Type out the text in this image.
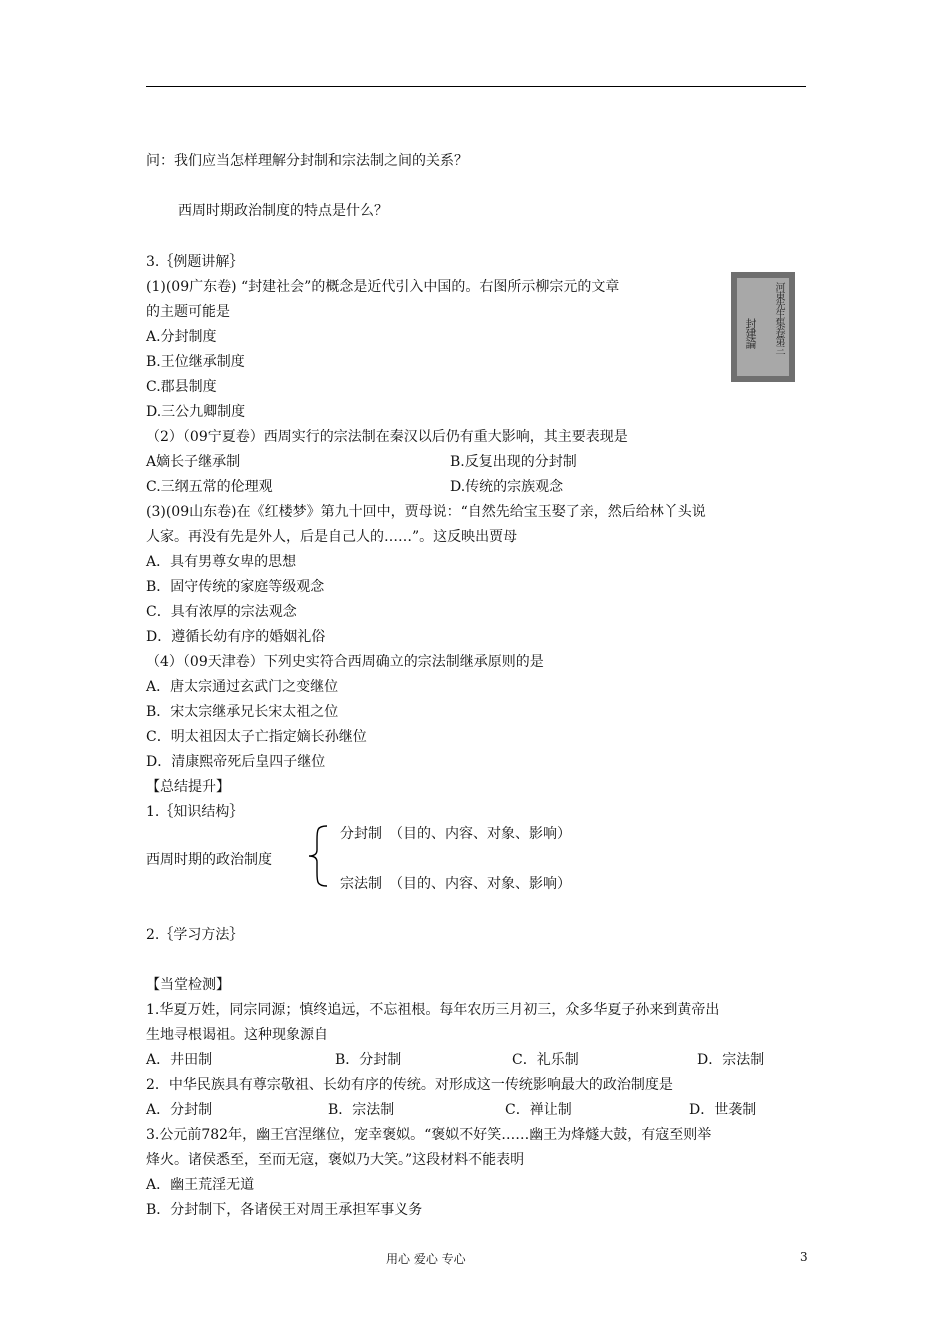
问：我们应当怎样理解分封制和宗法制之间的关系？
西周时期政治制度的特点是什么？
3.｛例题讲解｝
(1)(09广东卷) “封建社会”的概念是近代引入中国的。右图所示柳宗元的文章
的主题可能是
A.分封制度
B.王位继承制度
C.郡县制度
D.三公九卿制度
河東先生集卷第三
封建論
（2）（09宁夏卷）西周实行的宗法制在秦汉以后仍有重大影响，其主要表现是
A嫡长子继承制	B.反复出现的分封制
C.三纲五常的伦理观	D.传统的宗族观念
(3)(09山东卷)在《红楼梦》第九十回中，贾母说：“自然先给宝玉娶了亲，然后给林丫头说
人家。再没有先是外人，后是自己人的……”。这反映出贾母
A．具有男尊女卑的思想
B．固守传统的家庭等级观念
C．具有浓厚的宗法观念
D．遵循长幼有序的婚姻礼俗
（4）（09天津卷）下列史实符合西周确立的宗法制继承原则的是
A．唐太宗通过玄武门之变继位
B．宋太宗继承兄长宋太祖之位
C．明太祖因太子亡指定嫡长孙继位
D．清康熙帝死后皇四子继位
【总结提升】
1.｛知识结构｝
西周时期的政治制度
分封制　（目的、内容、对象、影响）
宗法制　（目的、内容、对象、影响）
2.｛学习方法｝
【当堂检测】
1.华夏万姓，同宗同源；慎终追远，不忘祖根。每年农历三月初三，众多华夏子孙来到黄帝出
生地寻根谒祖。这种现象源自
A．井田制	B．分封制	C．礼乐制	D．宗法制
2．中华民族具有尊宗敬祖、长幼有序的传统。对形成这一传统影响最大的政治制度是
A．分封制	B．宗法制	C．禅让制	D．世袭制
3.公元前782年，幽王宫涅继位，宠幸褒姒。“褒姒不好笑……幽王为烽燧大鼓，有寇至则举
烽火。诸侯悉至，至而无寇，褒姒乃大笑。”这段材料不能表明
A．幽王荒淫无道
B．分封制下，各诸侯王对周王承担军事义务
用心 爱心 专心	3
